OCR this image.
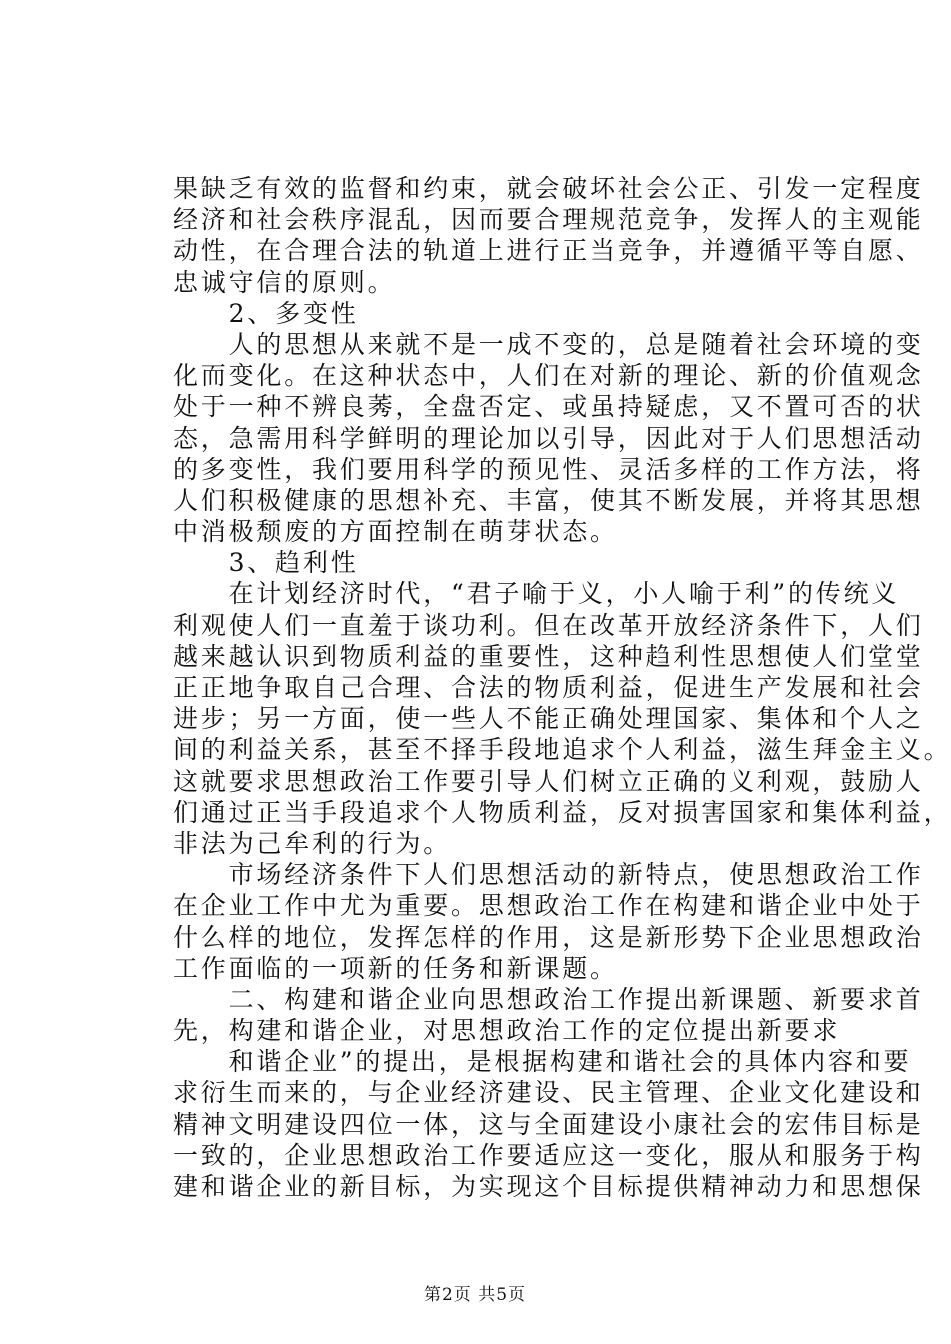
果缺乏有效的监督和约束，就会破坏社会公正、引发一定程度
经济和社会秩序混乱，因而要合理规范竞争，发挥人的主观能
动性，在合理合法的轨道上进行正当竞争，并遵循平等自愿、
忠诚守信的原则。
　　2、多变性
　　人的思想从来就不是一成不变的，总是随着社会环境的变
化而变化。在这种状态中，人们在对新的理论、新的价值观念
处于一种不辨良莠，全盘否定、或虽持疑虑，又不置可否的状
态，急需用科学鲜明的理论加以引导，因此对于人们思想活动
的多变性，我们要用科学的预见性、灵活多样的工作方法，将
人们积极健康的思想补充、丰富，使其不断发展，并将其思想
中消极颓废的方面控制在萌芽状态。
　　3、趋利性
　　在计划经济时代，“君子喻于义，小人喻于利”的传统义
利观使人们一直羞于谈功利。但在改革开放经济条件下，人们
越来越认识到物质利益的重要性，这种趋利性思想使人们堂堂
正正地争取自己合理、合法的物质利益，促进生产发展和社会
进步；另一方面，使一些人不能正确处理国家、集体和个人之
间的利益关系，甚至不择手段地追求个人利益，滋生拜金主义。
这就要求思想政治工作要引导人们树立正确的义利观，鼓励人
们通过正当手段追求个人物质利益，反对损害国家和集体利益，
非法为己牟利的行为。
　　市场经济条件下人们思想活动的新特点，使思想政治工作
在企业工作中尤为重要。思想政治工作在构建和谐企业中处于
什么样的地位，发挥怎样的作用，这是新形势下企业思想政治
工作面临的一项新的任务和新课题。
　　二、构建和谐企业向思想政治工作提出新课题、新要求首
先，构建和谐企业，对思想政治工作的定位提出新要求
　　和谐企业”的提出，是根据构建和谐社会的具体内容和要
求衍生而来的，与企业经济建设、民主管理、企业文化建设和
精神文明建设四位一体，这与全面建设小康社会的宏伟目标是
一致的，企业思想政治工作要适应这一变化，服从和服务于构
建和谐企业的新目标，为实现这个目标提供精神动力和思想保
第2页 共5页
